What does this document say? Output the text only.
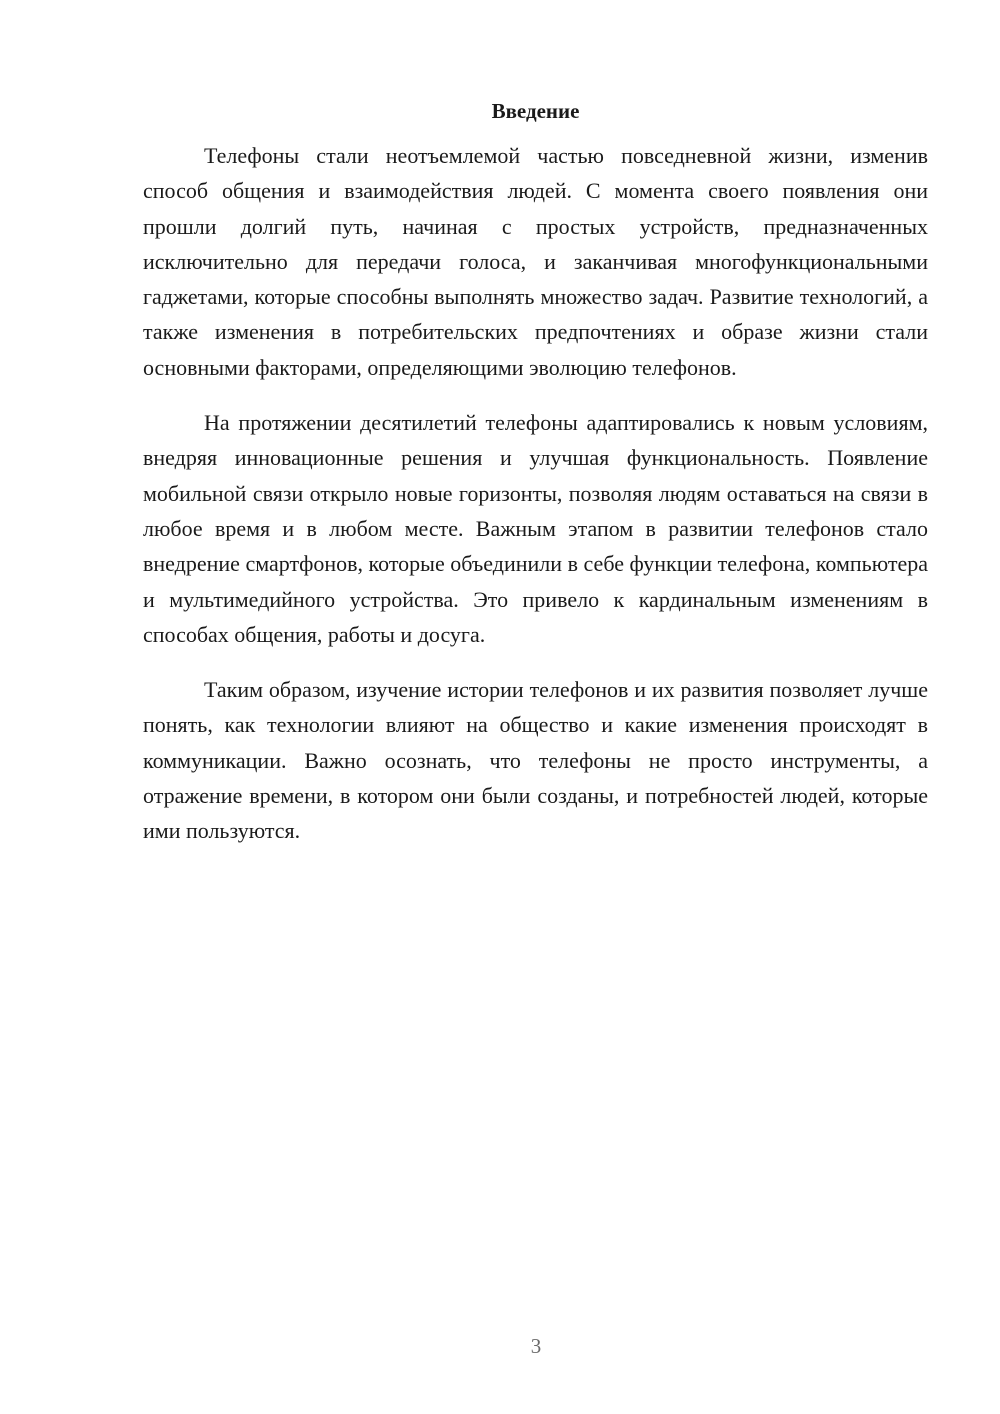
Введение

Телефоны стали неотъемлемой частью повседневной жизни, изменив способ общения и взаимодействия людей. С момента своего появления они прошли долгий путь, начиная с простых устройств, предназначенных исключительно для передачи голоса, и заканчивая многофункциональными гаджетами, которые способны выполнять множество задач. Развитие технологий, а также изменения в потребительских предпочтениях и образе жизни стали основными факторами, определяющими эволюцию телефонов.

На протяжении десятилетий телефоны адаптировались к новым условиям, внедряя инновационные решения и улучшая функциональность. Появление мобильной связи открыло новые горизонты, позволяя людям оставаться на связи в любое время и в любом месте. Важным этапом в развитии телефонов стало внедрение смартфонов, которые объединили в себе функции телефона, компьютера и мультимедийного устройства. Это привело к кардинальным изменениям в способах общения, работы и досуга.

Таким образом, изучение истории телефонов и их развития позволяет лучше понять, как технологии влияют на общество и какие изменения происходят в коммуникации. Важно осознать, что телефоны не просто инструменты, а отражение времени, в котором они были созданы, и потребностей людей, которые ими пользуются.

3
